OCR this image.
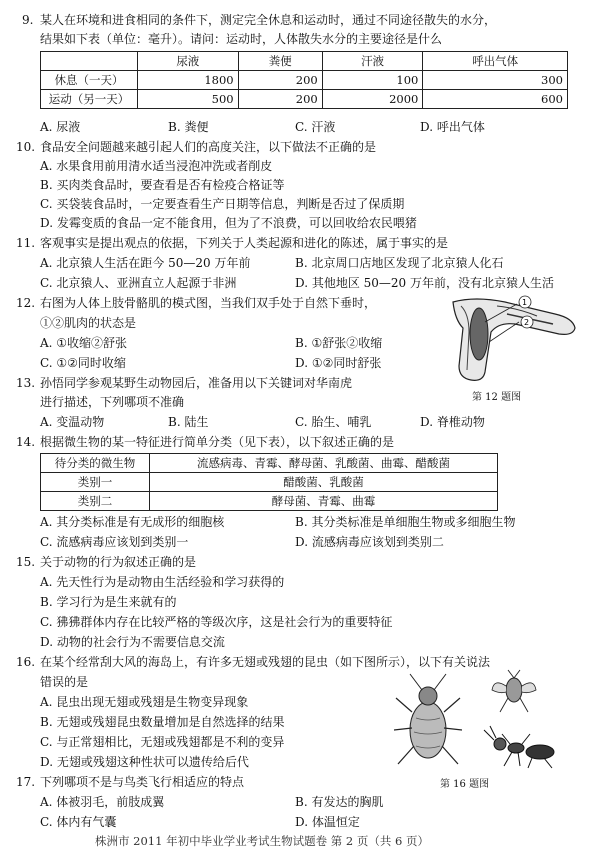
9. 某人在环境和进食相同的条件下，测定完全休息和运动时，通过不同途径散失的水分，
结果如下表（单位：毫升）。请问：运动时，人体散失水分的主要途径是什么
	尿液	粪便	汗液	呼出气体
休息（一天）	1800	200	100	300
运动（另一天）	500	200	2000	600
A. 尿液	B. 粪便	C. 汗液	D. 呼出气体
10. 食品安全问题越来越引起人们的高度关注，以下做法不正确的是
A. 水果食用前用清水适当浸泡冲洗或者削皮
B. 买肉类食品时，要查看是否有检疫合格证等
C. 买袋装食品时，一定要查看生产日期等信息，判断是否过了保质期
D. 发霉变质的食品一定不能食用，但为了不浪费，可以回收给农民喂猪
11. 客观事实是提出观点的依据，下列关于人类起源和进化的陈述，属于事实的是
A. 北京猿人生活在距今 50—20 万年前	B. 北京周口店地区发现了北京猿人化石
C. 北京猿人、亚洲直立人起源于非洲	D. 其他地区 50—20 万年前，没有北京猿人生活
12. 右图为人体上肢骨骼肌的模式图，当我们双手处于自然下垂时，
①②肌肉的状态是
A. ①收缩②舒张	B. ①舒张②收缩
C. ①②同时收缩	D. ①②同时舒张
1
2
第 12 题图
13. 孙悟同学参观某野生动物园后，准备用以下关键词对华南虎
进行描述，下列哪项不准确
A. 变温动物	B. 陆生	C. 胎生、哺乳	D. 脊椎动物
14. 根据微生物的某一特征进行简单分类（见下表），以下叙述正确的是
待分类的微生物	流感病毒、青霉、酵母菌、乳酸菌、曲霉、醋酸菌
类别一	醋酸菌、乳酸菌
类别二	酵母菌、青霉、曲霉
A. 其分类标准是有无成形的细胞核	B. 其分类标准是单细胞生物或多细胞生物
C. 流感病毒应该划到类别一	D. 流感病毒应该划到类别二
15. 关于动物的行为叙述正确的是
A. 先天性行为是动物由生活经验和学习获得的
B. 学习行为是生来就有的
C. 狒狒群体内存在比较严格的等级次序，这是社会行为的重要特征
D. 动物的社会行为不需要信息交流
16. 在某个经常刮大风的海岛上，有许多无翅或残翅的昆虫（如下图所示），以下有关说法
错误的是
A. 昆虫出现无翅或残翅是生物变异现象
B. 无翅或残翅昆虫数量增加是自然选择的结果
C. 与正常翅相比，无翅或残翅都是不利的变异
D. 无翅或残翅这种性状可以遗传给后代
第 16 题图
17. 下列哪项不是与鸟类飞行相适应的特点
A. 体被羽毛，前肢成翼	B. 有发达的胸肌
C. 体内有气囊	D. 体温恒定
株洲市 2011 年初中毕业学业考试生物试题卷 第 2 页（共 6 页）
